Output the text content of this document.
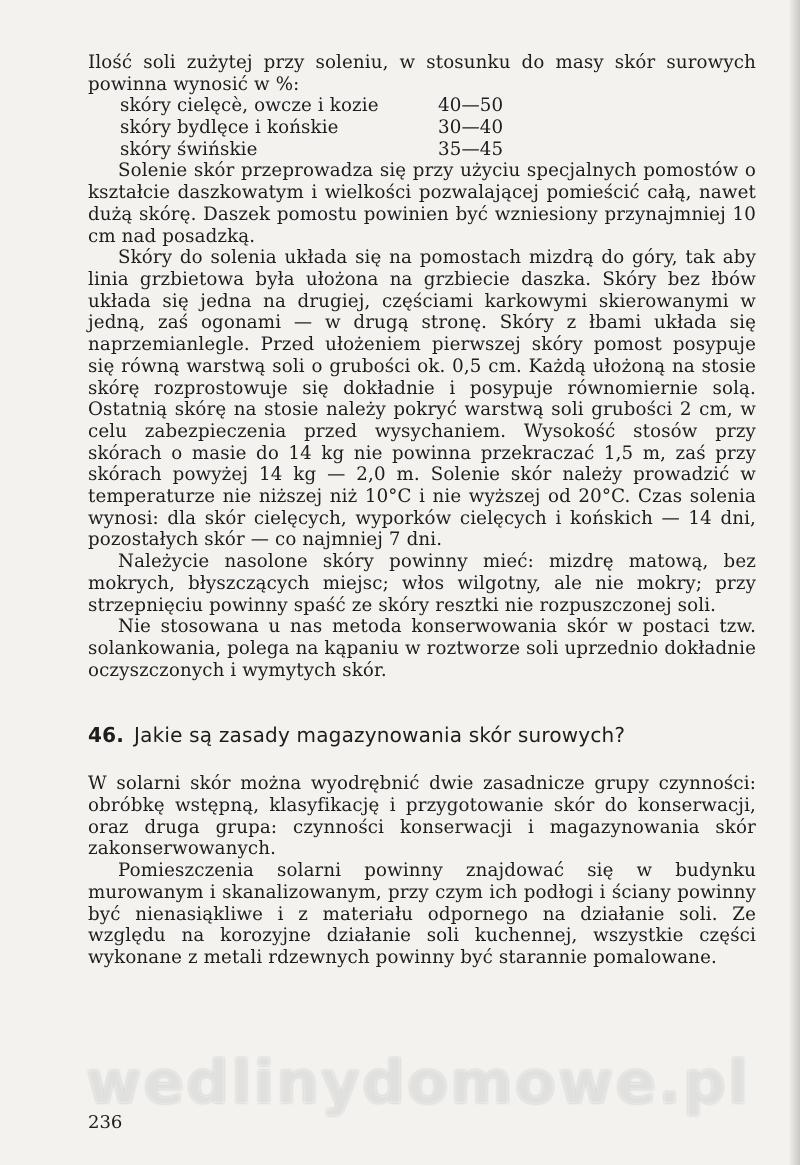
Ilość soli zużytej przy soleniu, w stosunku do masy skór surowych powinna wynosić w %:

skóry cielęcè, owcze i kozie	40—50
skóry bydlęce i końskie	30—40
skóry świńskie	35—45

Solenie skór przeprowadza się przy użyciu specjalnych pomostów o kształcie daszkowatym i wielkości pozwalającej pomieścić całą, nawet dużą skórę. Daszek pomostu powinien być wzniesiony przynajmniej 10 cm nad posadzką.

Skóry do solenia układa się na pomostach mizdrą do góry, tak aby linia grzbietowa była ułożona na grzbiecie daszka. Skóry bez łbów układa się jedna na drugiej, częściami karkowymi skierowanymi w jedną, zaś ogonami — w drugą stronę. Skóry z łbami układa się naprzemianlegle. Przed ułożeniem pierwszej skóry pomost posypuje się równą warstwą soli o grubości ok. 0,5 cm. Każdą ułożoną na stosie skórę rozprostowuje się dokładnie i posypuje równomiernie solą. Ostatnią skórę na stosie należy pokryć warstwą soli grubości 2 cm, w celu zabezpieczenia przed wysychaniem. Wysokość stosów przy skórach o masie do 14 kg nie powinna przekraczać 1,5 m, zaś przy skórach powyżej 14 kg — 2,0 m. Solenie skór należy prowadzić w temperaturze nie niższej niż 10°C i nie wyższej od 20°C. Czas solenia wynosi: dla skór cielęcych, wyporków cielęcych i końskich — 14 dni, pozostałych skór — co najmniej 7 dni.

Należycie nasolone skóry powinny mieć: mizdrę matową, bez mokrych, błyszczących miejsc; włos wilgotny, ale nie mokry; przy strzepnięciu powinny spaść ze skóry resztki nie rozpuszczonej soli.

Nie stosowana u nas metoda konserwowania skór w postaci tzw. solankowania, polega na kąpaniu w roztworze soli uprzednio dokładnie oczyszczonych i wymytych skór.

46. Jakie są zasady magazynowania skór surowych?

W solarni skór można wyodrębnić dwie zasadnicze grupy czynności: obróbkę wstępną, klasyfikację i przygotowanie skór do konserwacji, oraz druga grupa: czynności konserwacji i magazynowania skór zakonserwowanych.

Pomieszczenia solarni powinny znajdować się w budynku murowanym i skanalizowanym, przy czym ich podłogi i ściany powinny być nienasiąkliwe i z materiału odpornego na działanie soli. Ze względu na korozyjne działanie soli kuchennej, wszystkie części wykonane z metali rdzewnych powinny być starannie pomalowane.

wedlinydomowe.pl
236
